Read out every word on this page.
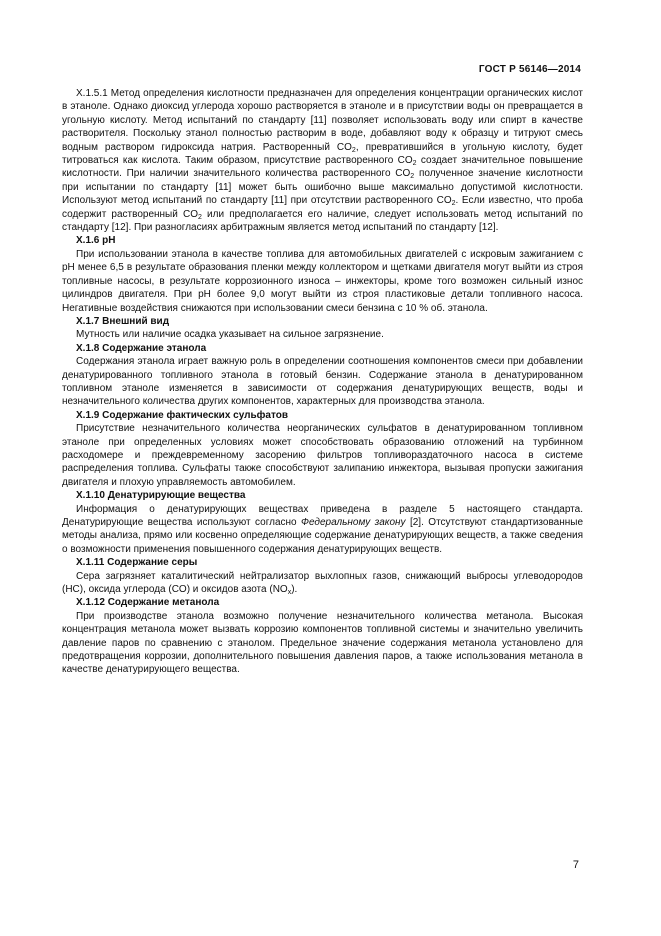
ГОСТ Р 56146—2014

Х.1.5.1 Метод определения кислотности предназначен для определения концентрации органических кислот в этаноле. Однако диоксид углерода хорошо растворяется в этаноле и в присутствии воды он превращается в угольную кислоту. Метод испытаний по стандарту [11] позволяет использовать воду или спирт в качестве растворителя. Поскольку этанол полностью растворим в воде, добавляют воду к образцу и титруют смесь водным раствором гидроксида натрия. Растворенный $CO_2$, превратившийся в угольную кислоту, будет титроваться как кислота. Таким образом, присутствие растворенного $CO_2$ создает значительное повышение кислотности. При наличии значительного количества растворенного $CO_2$ полученное значение кислотности при испытании по стандарту [11] может быть ошибочно выше максимально допустимой кислотности. Используют метод испытаний по стандарту [11] при отсутствии растворенного $CO_2$. Если известно, что проба содержит растворенный $CO_2$ или предполагается его наличие, следует использовать метод испытаний по стандарту [12]. При разногласиях арбитражным является метод испытаний по стандарту [12].

Х.1.6 pH

При использовании этанола в качестве топлива для автомобильных двигателей с искровым зажиганием с pH менее 6,5 в результате образования пленки между коллектором и щетками двигателя могут выйти из строя топливные насосы, в результате коррозионного износа – инжекторы, кроме того возможен сильный износ цилиндров двигателя. При pH более 9,0 могут выйти из строя пластиковые детали топливного насоса. Негативные воздействия снижаются при использовании смеси бензина с 10 % об. этанола.

Х.1.7 Внешний вид

Мутность или наличие осадка указывает на сильное загрязнение.

Х.1.8 Содержание этанола

Содержания этанола играет важную роль в определении соотношения компонентов смеси при добавлении денатурированного топливного этанола в готовый бензин. Содержание этанола в денатурированном топливном этаноле изменяется в зависимости от содержания денатурирующих веществ, воды и незначительного количества других компонентов, характерных для производства этанола.

Х.1.9 Содержание фактических сульфатов

Присутствие незначительного количества неорганических сульфатов в денатурированном топливном этаноле при определенных условиях может способствовать образованию отложений на турбинном расходомере и преждевременному засорению фильтров топливораздаточного насоса в системе распределения топлива. Сульфаты также способствуют залипанию инжектора, вызывая пропуски зажигания двигателя и плохую управляемость автомобилем.

Х.1.10 Денатурирующие вещества

Информация о денатурирующих веществах приведена в разделе 5 настоящего стандарта. Денатурирующие вещества используют согласно Федеральному закону [2]. Отсутствуют стандартизованные методы анализа, прямо или косвенно определяющие содержание денатурирующих веществ, а также сведения о возможности применения повышенного содержания денатурирующих веществ.

Х.1.11 Содержание серы

Сера загрязняет каталитический нейтрализатор выхлопных газов, снижающий выбросы углеводородов (HC), оксида углерода (CO) и оксидов азота $(NO_x)$.

Х.1.12 Содержание метанола

При производстве этанола возможно получение незначительного количества метанола. Высокая концентрация метанола может вызвать коррозию компонентов топливной системы и значительно увеличить давление паров по сравнению с этанолом. Предельное значение содержания метанола установлено для предотвращения коррозии, дополнительного повышения давления паров, а также использования метанола в качестве денатурирующего вещества.

7
